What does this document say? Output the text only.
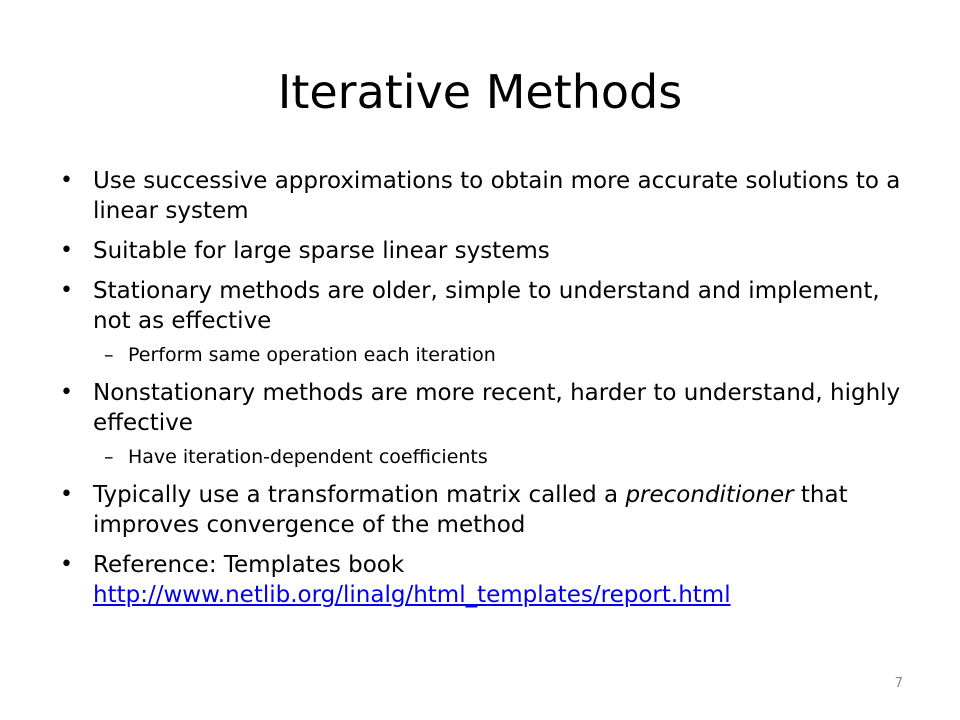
Iterative Methods
• Use successive approximations to obtain more accurate solutions to a linear system
• Suitable for large sparse linear systems
• Stationary methods are older, simple to understand and implement, not as effective
– Perform same operation each iteration
• Nonstationary methods are more recent, harder to understand, highly effective
– Have iteration-dependent coefficients
• Typically use a transformation matrix called a preconditioner that improves convergence of the method
• Reference: Templates book
http://www.netlib.org/linalg/html_templates/report.html
7
